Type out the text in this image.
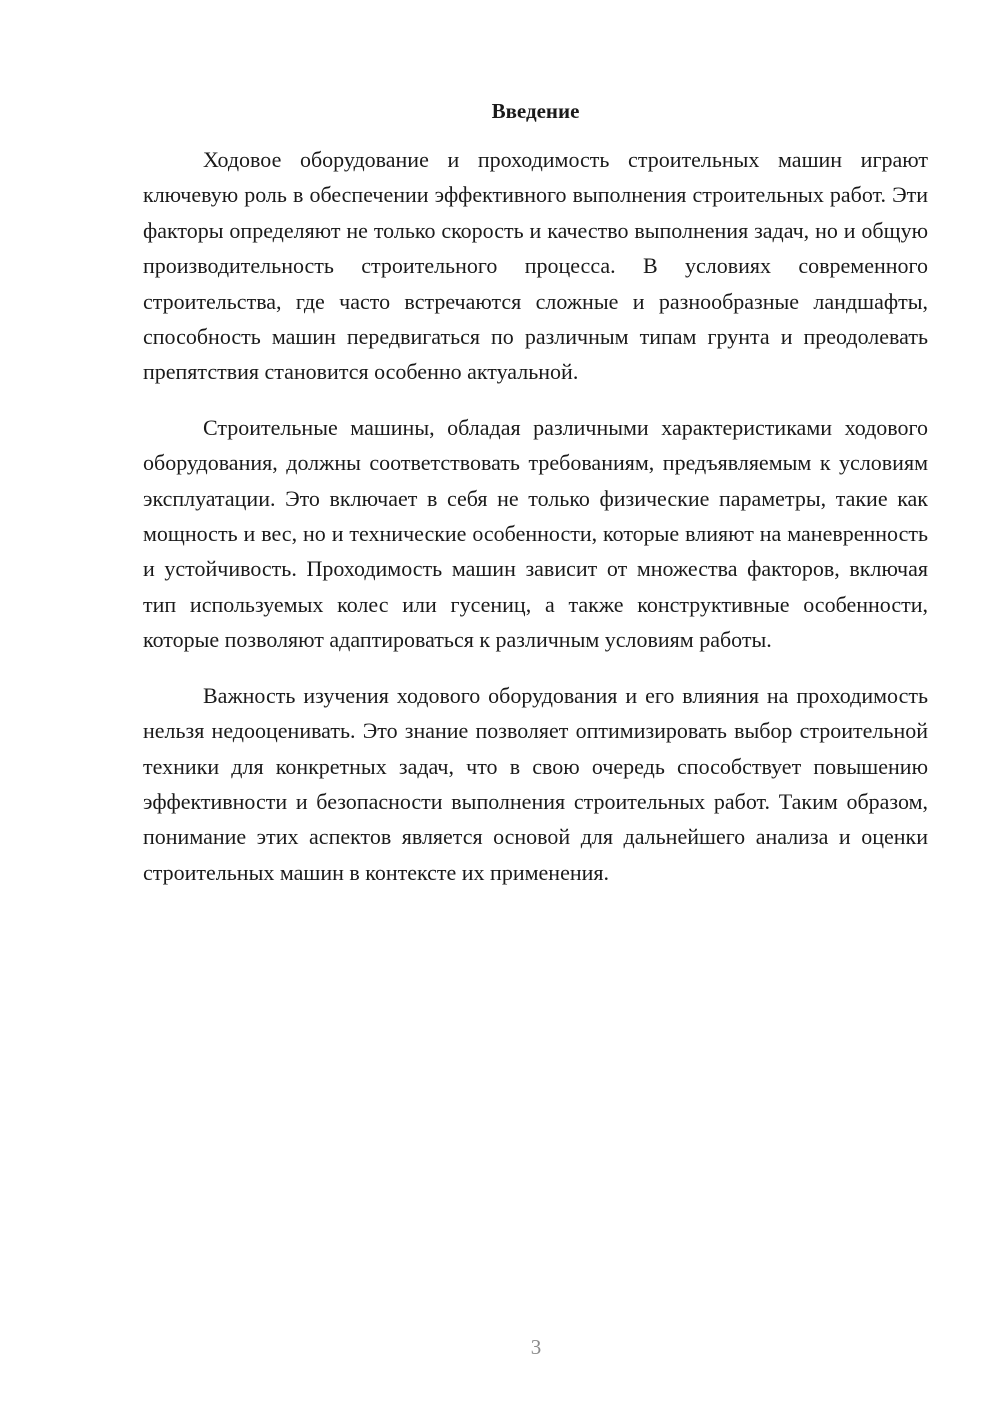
Введение

Ходовое оборудование и проходимость строительных машин играют ключевую роль в обеспечении эффективного выполнения строительных работ. Эти факторы определяют не только скорость и качество выполнения задач, но и общую производительность строительного процесса. В условиях современного строительства, где часто встречаются сложные и разнообразные ландшафты, способность машин передвигаться по различным типам грунта и преодолевать препятствия становится особенно актуальной.

Строительные машины, обладая различными характеристиками ходового оборудования, должны соответствовать требованиям, предъявляемым к условиям эксплуатации. Это включает в себя не только физические параметры, такие как мощность и вес, но и технические особенности, которые влияют на маневренность и устойчивость. Проходимость машин зависит от множества факторов, включая тип используемых колес или гусениц, а также конструктивные особенности, которые позволяют адаптироваться к различным условиям работы.

Важность изучения ходового оборудования и его влияния на проходимость нельзя недооценивать. Это знание позволяет оптимизировать выбор строительной техники для конкретных задач, что в свою очередь способствует повышению эффективности и безопасности выполнения строительных работ. Таким образом, понимание этих аспектов является основой для дальнейшего анализа и оценки строительных машин в контексте их применения.

3
